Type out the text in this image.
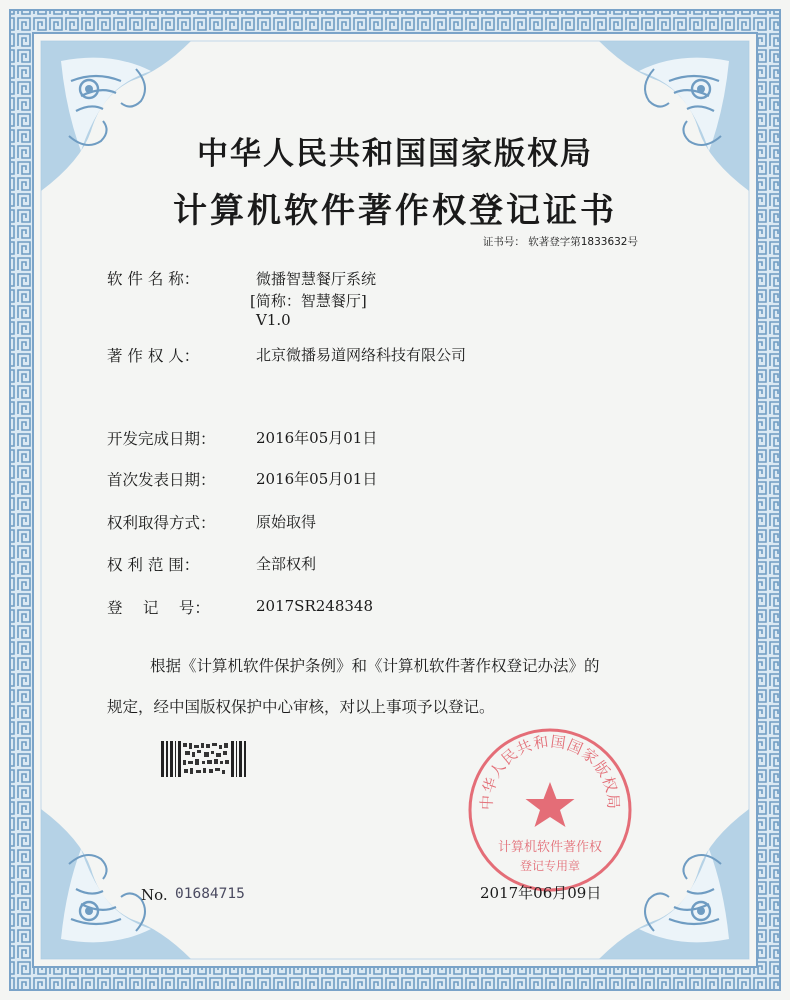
中华人民共和国国家版权局
计算机软件著作权登记证书
证书号： 软著登字第1833632号
软 件 名 称：	微播智慧餐厅系统
[简称：智慧餐厅]
V1.0
著 作 权 人：	北京微播易道网络科技有限公司
开发完成日期：	2016年05月01日
首次发表日期：	2016年05月01日
权利取得方式：	原始取得
权 利 范 围：	全部权利
登　 记　 号：	2017SR248348
根据《计算机软件保护条例》和《计算机软件著作权登记办法》的
规定，经中国版权保护中心审核，对以上事项予以登记。
中华人民共和国国家版权局
计算机软件著作权
登记专用章
No. 01684715	2017年06月09日
